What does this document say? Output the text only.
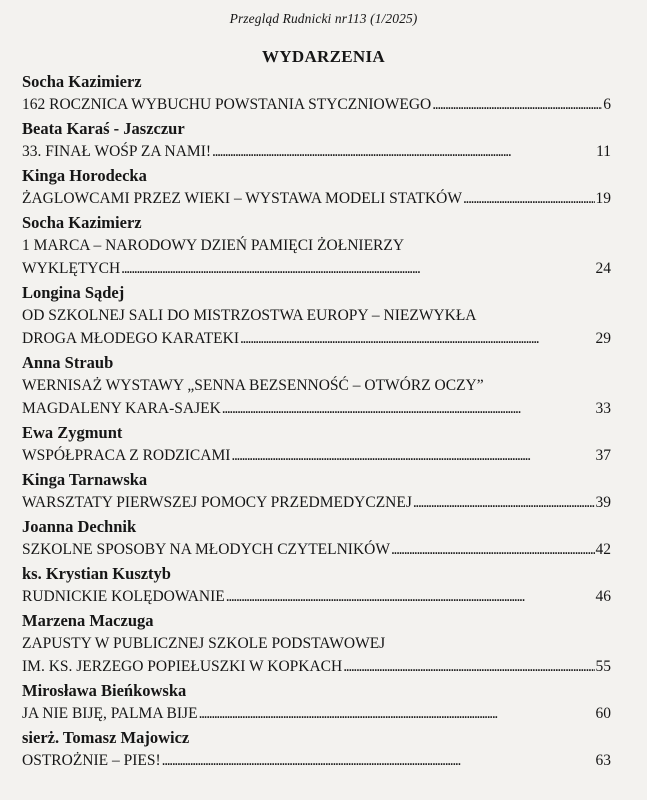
Przegląd Rudnicki nr113 (1/2025)
WYDARZENIA
Socha Kazimierz
162 ROCZNICA WYBUCHU POWSTANIA STYCZNIOWEGO . . .	6
Beata Karaś - Jaszczur
33. FINAŁ WOŚP ZA NAMI! . . .	11
Kinga Horodecka
ŻAGLOWCAMI PRZEZ WIEKI – WYSTAWA MODELI STATKÓW . . .	19
Socha Kazimierz
1 MARCA – NARODOWY DZIEŃ PAMIĘCI ŻOŁNIERZY
WYKLĘTYCH . . .	24
Longina Sądej
OD SZKOLNEJ SALI DO MISTRZOSTWA EUROPY – NIEZWYKŁA
DROGA MŁODEGO KARATEKI . . .	29
Anna Straub
WERNISAŻ WYSTAWY „SENNA BEZSENNOŚĆ – OTWÓRZ OCZY”
MAGDALENY KARA-SAJEK . . .	33
Ewa Zygmunt
WSPÓŁPRACA Z RODZICAMI . . .	37
Kinga Tarnawska
WARSZTATY PIERWSZEJ POMOCY PRZEDMEDYCZNEJ . . .	39
Joanna Dechnik
SZKOLNE SPOSOBY NA MŁODYCH CZYTELNIKÓW . . .	42
ks. Krystian Kusztyb
RUDNICKIE KOLĘDOWANIE . . .	46
Marzena Maczuga
ZAPUSTY W PUBLICZNEJ SZKOLE PODSTAWOWEJ
IM. KS. JERZEGO POPIEŁUSZKI W KOPKACH . . .	55
Mirosława Bieńkowska
JA NIE BIJĘ, PALMA BIJE . . .	60
sierż. Tomasz Majowicz
OSTROŻNIE – PIES! . . .	63
